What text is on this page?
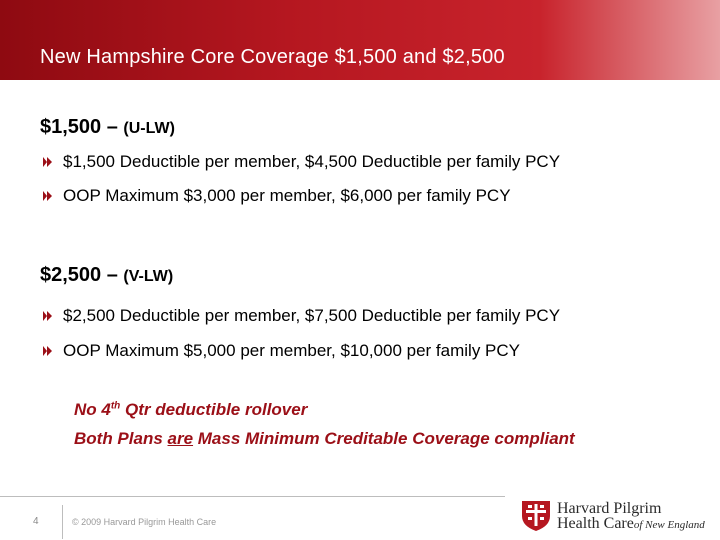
New Hampshire Core Coverage $1,500 and $2,500
$1,500 – (U-LW)
$1,500 Deductible per member, $4,500 Deductible per family PCY
OOP Maximum $3,000 per member, $6,000 per family PCY
$2,500 – (V-LW)
$2,500 Deductible per member, $7,500 Deductible per family PCY
OOP Maximum $5,000 per member, $10,000 per family PCY
No 4th Qtr deductible rollover
Both Plans are Mass Minimum Creditable Coverage compliant
4	© 2009 Harvard Pilgrim Health Care
Harvard Pilgrim
Health Careof New England
